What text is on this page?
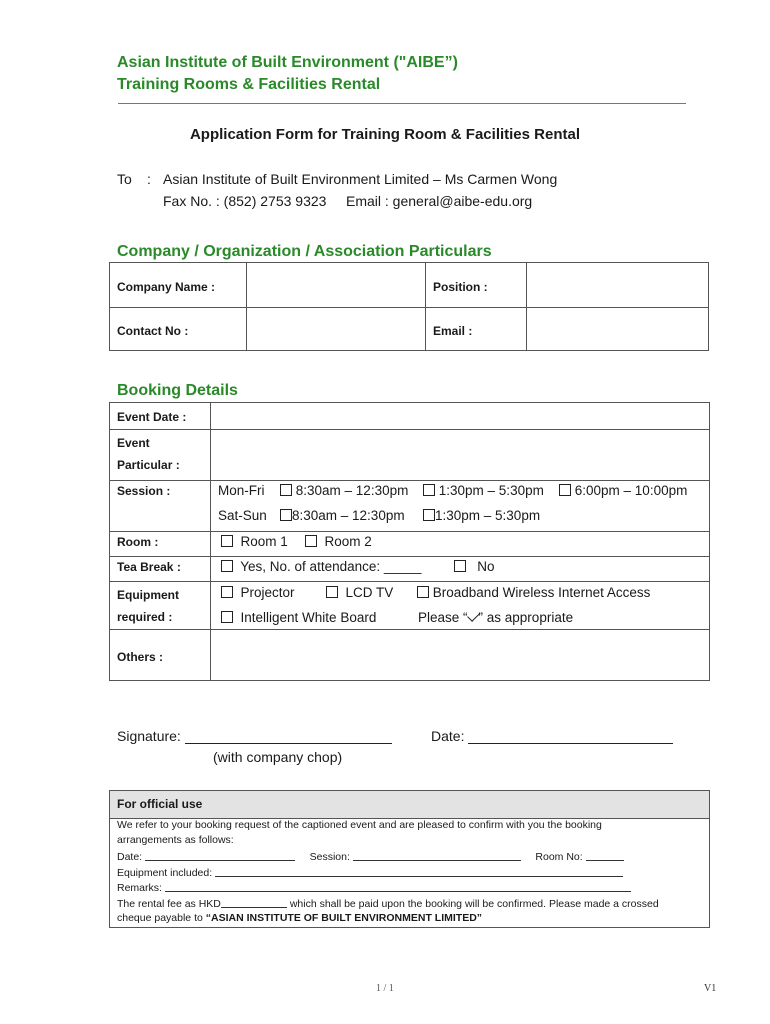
Asian Institute of Built Environment ("AIBE”)
Training Rooms & Facilities Rental
Application Form for Training Room & Facilities Rental
To : Asian Institute of Built Environment Limited – Ms Carmen Wong
Fax No. : (852) 2753 9323 Email : general@aibe-edu.org
Company / Organization / Association Particulars
Company Name :	Position :
Contact No :	Email :
Booking Details
Event Date :
Event
Particular :
Session :	Mon-Fri	8:30am – 12:30pm	1:30pm – 5:30pm	6:00pm – 10:00pm
Sat-Sun	8:30am – 12:30pm	1:30pm – 5:30pm
Room :	Room 1	Room 2
Tea Break :	Yes, No. of attendance: _____	No
Equipment
required :
Projector	LCD TV	Broadband Wireless Internet Access
Intelligent White Board	Please “ ” as appropriate
Others :
Signature:	Date:
(with company chop)
For official use
We refer to your booking request of the captioned event and are pleased to confirm with you the booking
arrangements as follows:
Date:	Session:	Room No:
Equipment included:
Remarks:
The rental fee as HKD	which shall be paid upon the booking will be confirmed. Please made a crossed
cheque payable to “ASIAN INSTITUTE OF BUILT ENVIRONMENT LIMITED”
1 / 1	V1
